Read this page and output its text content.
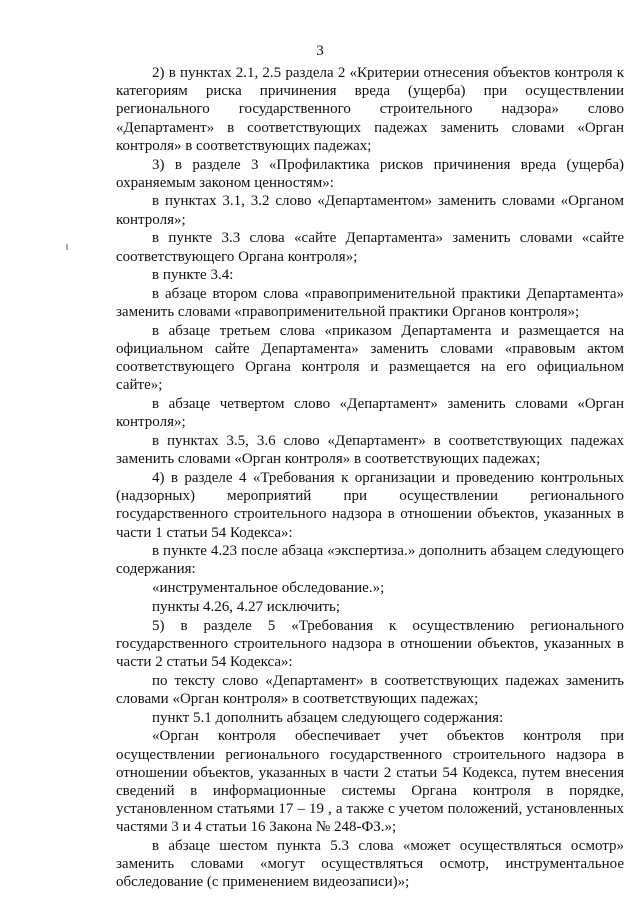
3

2) в пунктах 2.1, 2.5 раздела 2 «Критерии отнесения объектов контроля к категориям риска причинения вреда (ущерба) при осуществлении регионального государственного строительного надзора» слово «Департамент» в соответствующих падежах заменить словами «Орган контроля» в соответствующих падежах;

3) в разделе 3 «Профилактика рисков причинения вреда (ущерба) охраняемым законом ценностям»:

в пунктах 3.1, 3.2 слово «Департаментом» заменить словами «Органом контроля»;

в пункте 3.3 слова «сайте Департамента» заменить словами «сайте соответствующего Органа контроля»;

в пункте 3.4:

в абзаце втором слова «правоприменительной практики Департамента» заменить словами «правоприменительной практики Органов контроля»;

в абзаце третьем слова «приказом Департамента и размещается на официальном сайте Департамента» заменить словами «правовым актом соответствующего Органа контроля и размещается на его официальном сайте»;

в абзаце четвертом слово «Департамент» заменить словами «Орган контроля»;

в пунктах 3.5, 3.6 слово «Департамент» в соответствующих падежах заменить словами «Орган контроля» в соответствующих падежах;

4) в разделе 4 «Требования к организации и проведению контрольных (надзорных) мероприятий при осуществлении регионального государственного строительного надзора в отношении объектов, указанных в части 1 статьи 54 Кодекса»:

в пункте 4.23 после абзаца «экспертиза.» дополнить абзацем следующего содержания:

«инструментальное обследование.»;

пункты 4.26, 4.27 исключить;

5) в разделе 5 «Требования к осуществлению регионального государственного строительного надзора в отношении объектов, указанных в части 2 статьи 54 Кодекса»:

по тексту слово «Департамент» в соответствующих падежах заменить словами «Орган контроля» в соответствующих падежах;

пункт 5.1 дополнить абзацем следующего содержания:

«Орган контроля обеспечивает учет объектов контроля при осуществлении регионального государственного строительного надзора в отношении объектов, указанных в части 2 статьи 54 Кодекса, путем внесения сведений в информационные системы Органа контроля в порядке, установленном статьями 17 – 19 , а также с учетом положений, установленных частями 3 и 4 статьи 16 Закона № 248-ФЗ.»;

в абзаце шестом пункта 5.3 слова «может осуществляться осмотр» заменить словами «могут осуществляться осмотр, инструментальное обследование (с применением видеозаписи)»;
